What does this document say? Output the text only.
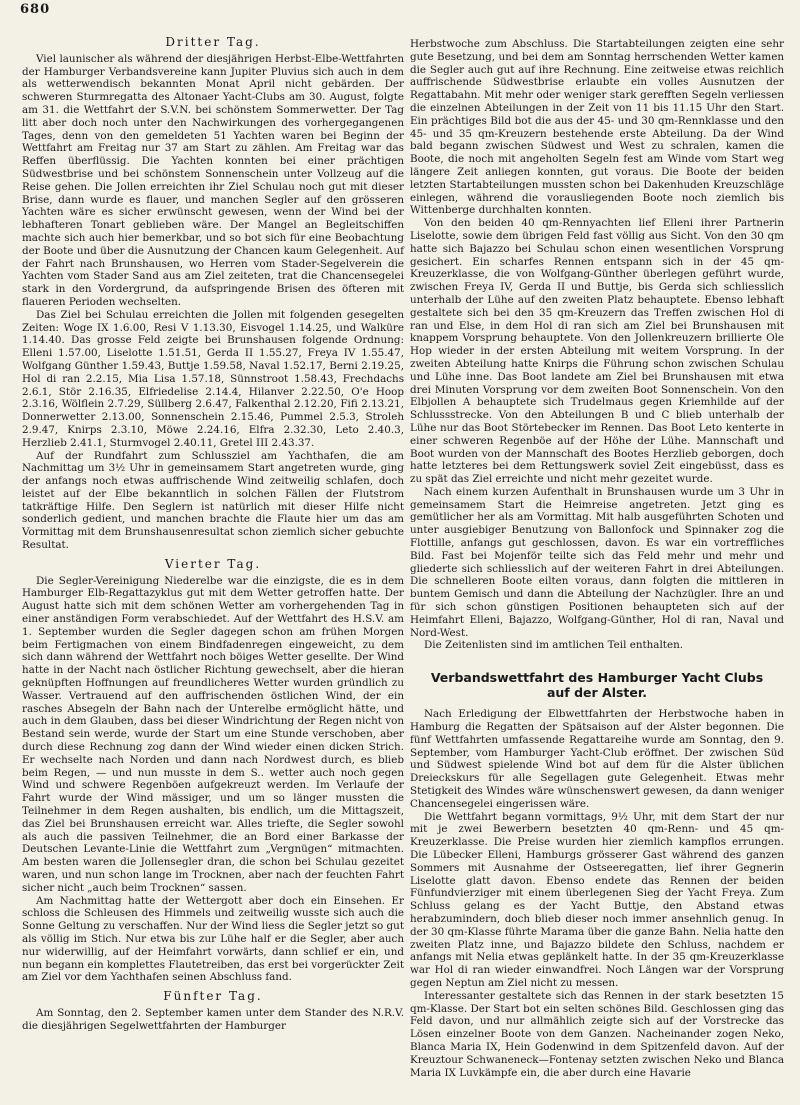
680
Dritter Tag.

Viel launischer als während der diesjährigen Herbst-Elbe-Wettfahrten der Hamburger Verbandsvereine kann Jupiter Pluvius sich auch in dem als wetterwendisch bekannten Monat April nicht gebärden. Der schweren Sturmregatta des Altonaer Yacht-Clubs am 30. August, folgte am 31. die Wettfahrt der S.V.N. bei schönstem Sommerwetter. Der Tag litt aber doch noch unter den Nachwirkungen des vorhergegangenen Tages, denn von den gemeldeten 51 Yachten waren bei Beginn der Wettfahrt am Freitag nur 37 am Start zu zählen. Am Freitag war das Reffen überflüssig. Die Yachten konnten bei einer prächtigen Südwestbrise und bei schönstem Sonnenschein unter Vollzeug auf die Reise gehen. Die Jollen erreichten ihr Ziel Schulau noch gut mit dieser Brise, dann wurde es flauer, und manchen Segler auf den grösseren Yachten wäre es sicher erwünscht gewesen, wenn der Wind bei der lebhafteren Tonart geblieben wäre. Der Mangel an Begleitschiffen machte sich auch hier bemerkbar, und so bot sich für eine Beobachtung der Boote und über die Ausnutzung der Chancen kaum Gelegenheit. Auf der Fahrt nach Brunshausen, wo Herren vom Stader-Segelverein die Yachten vom Stader Sand aus am Ziel zeiteten, trat die Chancensegelei stark in den Vordergrund, da aufspringende Brisen des öfteren mit flaueren Perioden wechselten.

Das Ziel bei Schulau erreichten die Jollen mit folgenden gesegelten Zeiten: Woge IX 1.6.00, Resi V 1.13.30, Eisvogel 1.14.25, und Walküre 1.14.40. Das grosse Feld zeigte bei Brunshausen folgende Ordnung: Elleni 1.57.00, Liselotte 1.51.51, Gerda II 1.55.27, Freya IV 1.55.47, Wolfgang Günther 1.59.43, Buttje 1.59.58, Naval 1.52.17, Berni 2.19.25, Hol di ran 2.2.15, Mia Lisa 1.57.18, Sünnstroot 1.58.43, Frechdachs 2.6.1, Stör 2.16.35, Elfriedelise 2.14.4, Hilanver 2.22.50, O'e Hoop 2.3.16, Wölflein 2.7.29, Süllberg 2.6.47, Falkenthal 2.12.20, Fifi 2.13.21, Donnerwetter 2.13.00, Sonnenschein 2.15.46, Pummel 2.5.3, Stroleh 2.9.47, Knirps 2.3.10, Möwe 2.24.16, Elfra 2.32.30, Leto 2.40.3, Herzlieb 2.41.1, Sturmvogel 2.40.11, Gretel III 2.43.37.

Auf der Rundfahrt zum Schlussziel am Yachthafen, die am Nachmittag um 3½ Uhr in gemeinsamem Start angetreten wurde, ging der anfangs noch etwas auffrischende Wind zeitweilig schlafen, doch leistet auf der Elbe bekanntlich in solchen Fällen der Flutstrom tatkräftige Hilfe. Den Seglern ist natürlich mit dieser Hilfe nicht sonderlich gedient, und manchen brachte die Flaute hier um das am Vormittag mit dem Brunshausenresultat schon ziemlich sicher gebuchte Resultat.

Vierter Tag.

Die Segler-Vereinigung Niederelbe war die einzigste, die es in dem Hamburger Elb-Regattazyklus gut mit dem Wetter getroffen hatte. Der August hatte sich mit dem schönen Wetter am vorhergehenden Tag in einer anständigen Form verabschiedet. Auf der Wettfahrt des H.S.V. am 1. September wurden die Segler dagegen schon am frühen Morgen beim Fertigmachen von einem Bindfadenregen eingeweicht, zu dem sich dann während der Wettfahrt noch böiges Wetter gesellte. Der Wind hatte in der Nacht nach östlicher Richtung gewechselt, aber die hieran geknüpften Hoffnungen auf freundlicheres Wetter wurden gründlich zu Wasser. Vertrauend auf den auffrischenden östlichen Wind, der ein rasches Absegeln der Bahn nach der Unterelbe ermöglicht hätte, und auch in dem Glauben, dass bei dieser Windrichtung der Regen nicht von Bestand sein werde, wurde der Start um eine Stunde verschoben, aber durch diese Rechnung zog dann der Wind wieder einen dicken Strich. Er wechselte nach Norden und dann nach Nordwest durch, es blieb beim Regen, — und nun musste in dem S.. wetter auch noch gegen Wind und schwere Regenböen aufgekreuzt werden. Im Verlaufe der Fahrt wurde der Wind mässiger, und um so länger mussten die Teilnehmer in dem Regen aushalten, bis endlich, um die Mittagszeit, das Ziel bei Brunshausen erreicht war. Alles triefte, die Segler sowohl als auch die passiven Teilnehmer, die an Bord einer Barkasse der Deutschen Levante-Linie die Wettfahrt zum „Vergnügen“ mitmachten. Am besten waren die Jollensegler dran, die schon bei Schulau gezeitet waren, und nun schon lange im Trocknen, aber nach der feuchten Fahrt sicher nicht „auch beim Trocknen“ sassen.

Am Nachmittag hatte der Wettergott aber doch ein Einsehen. Er schloss die Schleusen des Himmels und zeitweilig wusste sich auch die Sonne Geltung zu verschaffen. Nur der Wind liess die Segler jetzt so gut als völlig im Stich. Nur etwa bis zur Lühe half er die Segler, aber auch nur widerwillig, auf der Heimfahrt vorwärts, dann schlief er ein, und nun begann ein komplettes Flautetreiben, das erst bei vorgerückter Zeit am Ziel vor dem Yachthafen seinen Abschluss fand.

Fünfter Tag.

Am Sonntag, den 2. September kamen unter dem Stander des N.R.V. die diesjährigen Segelwettfahrten der Hamburger

Herbstwoche zum Abschluss. Die Startabteilungen zeigten eine sehr gute Besetzung, und bei dem am Sonntag herrschenden Wetter kamen die Segler auch gut auf ihre Rechnung. Eine zeitweise etwas reichlich auffrischende Südwestbrise erlaubte ein volles Ausnutzen der Regattabahn. Mit mehr oder weniger stark gerefften Segeln verliessen die einzelnen Abteilungen in der Zeit von 11 bis 11.15 Uhr den Start. Ein prächtiges Bild bot die aus der 45- und 30 qm-Rennklasse und den 45- und 35 qm-Kreuzern bestehende erste Abteilung. Da der Wind bald begann zwischen Südwest und West zu schralen, kamen die Boote, die noch mit angeholten Segeln fest am Winde vom Start weg längere Zeit anliegen konnten, gut voraus. Die Boote der beiden letzten Startabteilungen mussten schon bei Dakenhuden Kreuzschläge einlegen, während die vorausliegenden Boote noch ziemlich bis Wittenberge durchhalten konnten.

Von den beiden 40 qm-Rennyachten lief Elleni ihrer Partnerin Liselotte, sowie dem übrigen Feld fast völlig aus Sicht. Von den 30 qm hatte sich Bajazzo bei Schulau schon einen wesentlichen Vorsprung gesichert. Ein scharfes Rennen entspann sich in der 45 qm-Kreuzerklasse, die von Wolfgang-Günther überlegen geführt wurde, zwischen Freya IV, Gerda II und Buttje, bis Gerda sich schliesslich unterhalb der Lühe auf den zweiten Platz behauptete. Ebenso lebhaft gestaltete sich bei den 35 qm-Kreuzern das Treffen zwischen Hol di ran und Else, in dem Hol di ran sich am Ziel bei Brunshausen mit knappem Vorsprung behauptete. Von den Jollenkreuzern brillierte Ole Hop wieder in der ersten Abteilung mit weitem Vorsprung. In der zweiten Abteilung hatte Knirps die Führung schon zwischen Schulau und Lühe inne. Das Boot landete am Ziel bei Brunshausen mit etwa drei Minuten Vorsprung vor dem zweiten Boot Sonnenschein. Von den Elbjollen A behauptete sich Trudelmaus gegen Kriemhilde auf der Schlussstrecke. Von den Abteilungen B und C blieb unterhalb der Lühe nur das Boot Störtebecker im Rennen. Das Boot Leto kenterte in einer schweren Regenböe auf der Höhe der Lühe. Mannschaft und Boot wurden von der Mannschaft des Bootes Herzlieb geborgen, doch hatte letzteres bei dem Rettungswerk soviel Zeit eingebüsst, dass es zu spät das Ziel erreichte und nicht mehr gezeitet wurde.

Nach einem kurzen Aufenthalt in Brunshausen wurde um 3 Uhr in gemeinsamem Start die Heimreise angetreten. Jetzt ging es gemütlicher her als am Vormittag. Mit halb ausgeführten Schoten und unter ausgiebiger Benutzung von Ballonfock und Spinnaker zog die Flottille, anfangs gut geschlossen, davon. Es war ein vortreffliches Bild. Fast bei Mojenför teilte sich das Feld mehr und mehr und gliederte sich schliesslich auf der weiteren Fahrt in drei Abteilungen. Die schnelleren Boote eilten voraus, dann folgten die mittleren in buntem Gemisch und dann die Abteilung der Nachzügler. Ihre an und für sich schon günstigen Positionen behaupteten sich auf der Heimfahrt Elleni, Bajazzo, Wolfgang-Günther, Hol di ran, Naval und Nord-West.

Die Zeitenlisten sind im amtlichen Teil enthalten.

Verbandswettfahrt des Hamburger Yacht Clubs
auf der Alster.

Nach Erledigung der Elbwettfahrten der Herbstwoche haben in Hamburg die Regatten der Spätsaison auf der Alster begonnen. Die fünf Wettfahrten umfassende Regattareihe wurde am Sonntag, den 9. September, vom Hamburger Yacht-Club eröffnet. Der zwischen Süd und Südwest spielende Wind bot auf dem für die Alster üblichen Dreieckskurs für alle Segellagen gute Gelegenheit. Etwas mehr Stetigkeit des Windes wäre wünschenswert gewesen, da dann weniger Chancensegelei eingerissen wäre.

Die Wettfahrt begann vormittags, 9½ Uhr, mit dem Start der nur mit je zwei Bewerbern besetzten 40 qm-Renn- und 45 qm-Kreuzerklasse. Die Preise wurden hier ziemlich kampflos errungen. Die Lübecker Elleni, Hamburgs grösserer Gast während des ganzen Sommers mit Ausnahme der Ostseeregatten, lief ihrer Gegnerin Liselotte glatt davon. Ebenso endete das Rennen der beiden Fünfundvierziger mit einem überlegenen Sieg der Yacht Freya. Zum Schluss gelang es der Yacht Buttje, den Abstand etwas herabzumindern, doch blieb dieser noch immer ansehnlich genug. In der 30 qm-Klasse führte Marama über die ganze Bahn. Nelia hatte den zweiten Platz inne, und Bajazzo bildete den Schluss, nachdem er anfangs mit Nelia etwas geplänkelt hatte. In der 35 qm-Kreuzerklasse war Hol di ran wieder einwandfrei. Noch Längen war der Vorsprung gegen Neptun am Ziel nicht zu messen.

Interessanter gestaltete sich das Rennen in der stark besetzten 15 qm-Klasse. Der Start bot ein selten schönes Bild. Geschlossen ging das Feld davon, und nur allmählich zeigte sich auf der Vorstrecke das Lösen einzelner Boote von dem Ganzen. Nacheinander zogen Neko, Blanca Maria IX, Hein Godenwind in dem Spitzenfeld davon. Auf der Kreuztour Schwaneneck—Fontenay setzten zwischen Neko und Blanca Maria IX Luvkämpfe ein, die aber durch eine Havarie
